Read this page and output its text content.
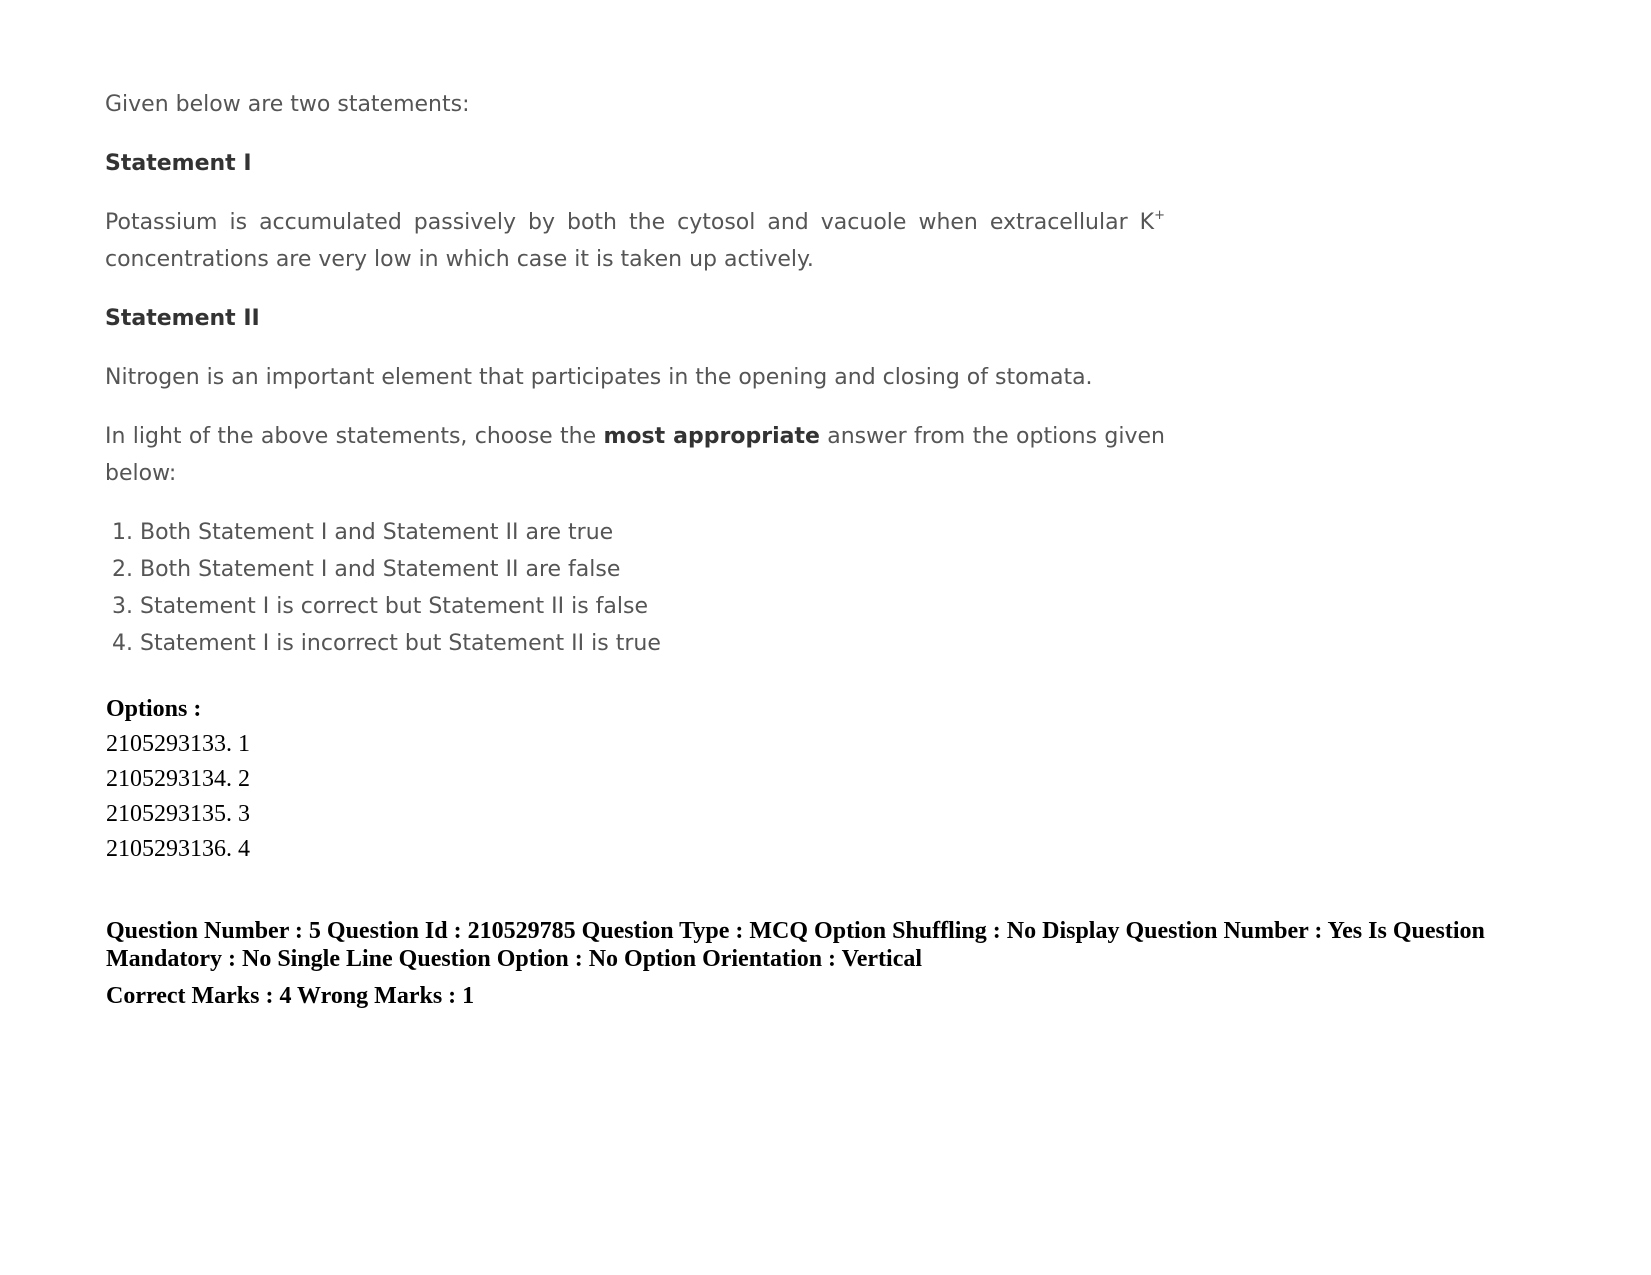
Given below are two statements:

Statement I

Potassium is accumulated passively by both the cytosol and vacuole when extracellular K+ concentrations are very low in which case it is taken up actively.

Statement II

Nitrogen is an important element that participates in the opening and closing of stomata.

In light of the above statements, choose the most appropriate answer from the options given below:

1. Both Statement I and Statement II are true
2. Both Statement I and Statement II are false
3. Statement I is correct but Statement II is false
4. Statement I is incorrect but Statement II is true
Options :
2105293133. 1
2105293134. 2
2105293135. 3
2105293136. 4
Question Number : 5 Question Id : 210529785 Question Type : MCQ Option Shuffling : No Display Question Number : Yes Is Question Mandatory : No Single Line Question Option : No Option Orientation : Vertical
Correct Marks : 4 Wrong Marks : 1
